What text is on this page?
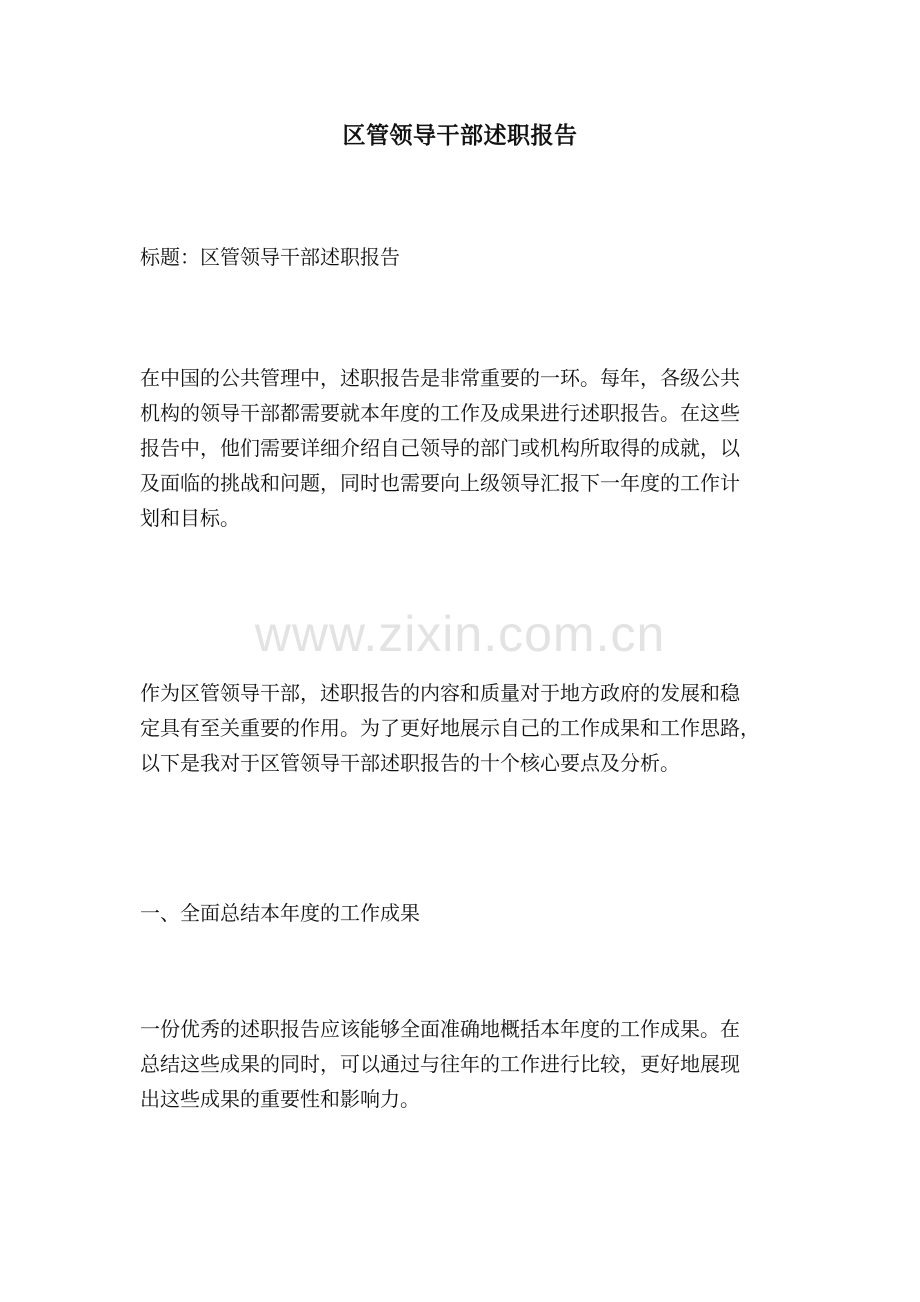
区管领导干部述职报告
标题：区管领导干部述职报告
在中国的公共管理中，述职报告是非常重要的一环。每年，各级公共
机构的领导干部都需要就本年度的工作及成果进行述职报告。在这些
报告中，他们需要详细介绍自己领导的部门或机构所取得的成就，以
及面临的挑战和问题，同时也需要向上级领导汇报下一年度的工作计
划和目标。
www.zixin.com.cn
作为区管领导干部，述职报告的内容和质量对于地方政府的发展和稳
定具有至关重要的作用。为了更好地展示自己的工作成果和工作思路，
以下是我对于区管领导干部述职报告的十个核心要点及分析。
一、全面总结本年度的工作成果
一份优秀的述职报告应该能够全面准确地概括本年度的工作成果。在
总结这些成果的同时，可以通过与往年的工作进行比较，更好地展现
出这些成果的重要性和影响力。
